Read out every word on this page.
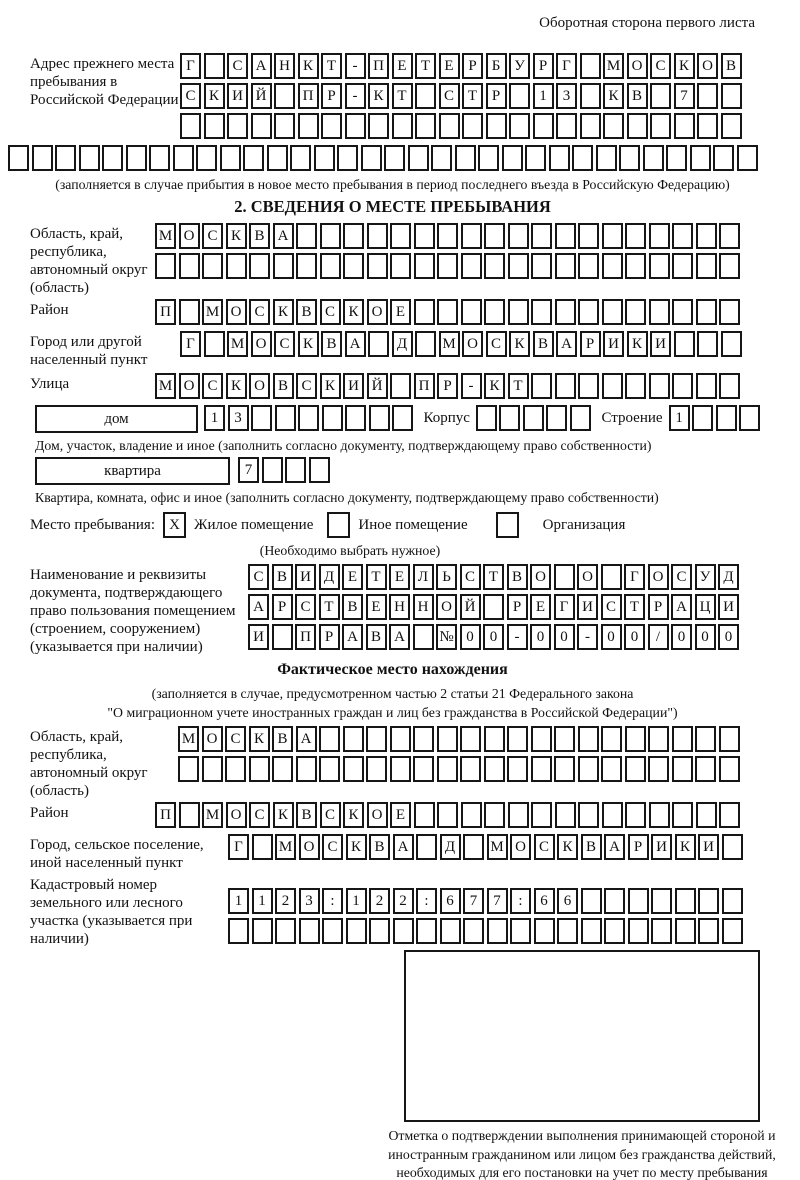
Оборотная сторона первого листа
Адрес прежнего места пребывания в Российской Федерации
Г	С А Н К Т - П Е Т Е Р Б У Р Г М О С К О В
С К И Й П Р - К Т С Т Р	1 3	К В	7
(заполняется в случае прибытия в новое место пребывания в период последнего въезда в Российскую Федерацию)
2. СВЕДЕНИЯ О МЕСТЕ ПРЕБЫВАНИЯ
Область, край, республика, автономный округ (область)
М О С К В А
Район	П М О С К В С К О Е
Город или другой населенный пункт
Г М О С К В А Д М О С К В А Р И К И
Улица	М О С К О В С К И Й П Р - К Т
дом	1 3	Корпус	Строение 1
Дом, участок, владение и иное (заполнить согласно документу, подтверждающему право собственности)
квартира	7
Квартира, комната, офис и иное (заполнить согласно документу, подтверждающему право собственности)
Место пребывания: X Жилое помещение	Иное помещение	Организация
(Необходимо выбрать нужное)
Наименование и реквизиты документа, подтверждающего право пользования помещением (строением, сооружением) (указывается при наличии)
С В И Д Е Т Е Л Ь С Т В О О Г О С У Д
А Р С Т В Е Н Н О Й Р Е Г И С Т Р А Ц И
И П Р А В А № 0 0 - 0 0 - 0 0 / 0 0 0
Фактическое место нахождения
(заполняется в случае, предусмотренном частью 2 статьи 21 Федерального закона
"О миграционном учете иностранных граждан и лиц без гражданства в Российской Федерации")
Область, край, республика, автономный округ (область)
М О С К В А
Район	П М О С К В С К О Е
Город, сельское поселение, иной населенный пункт
Г М О С К В А Д М О С К В А Р И К И
Кадастровый номер земельного или лесного участка (указывается при наличии)
1 1 2 3 : 1 2 2 : 6 7 7 : 6 6
Отметка о подтверждении выполнения принимающей стороной и иностранным гражданином или лицом без гражданства действий, необходимых для его постановки на учет по месту пребывания
